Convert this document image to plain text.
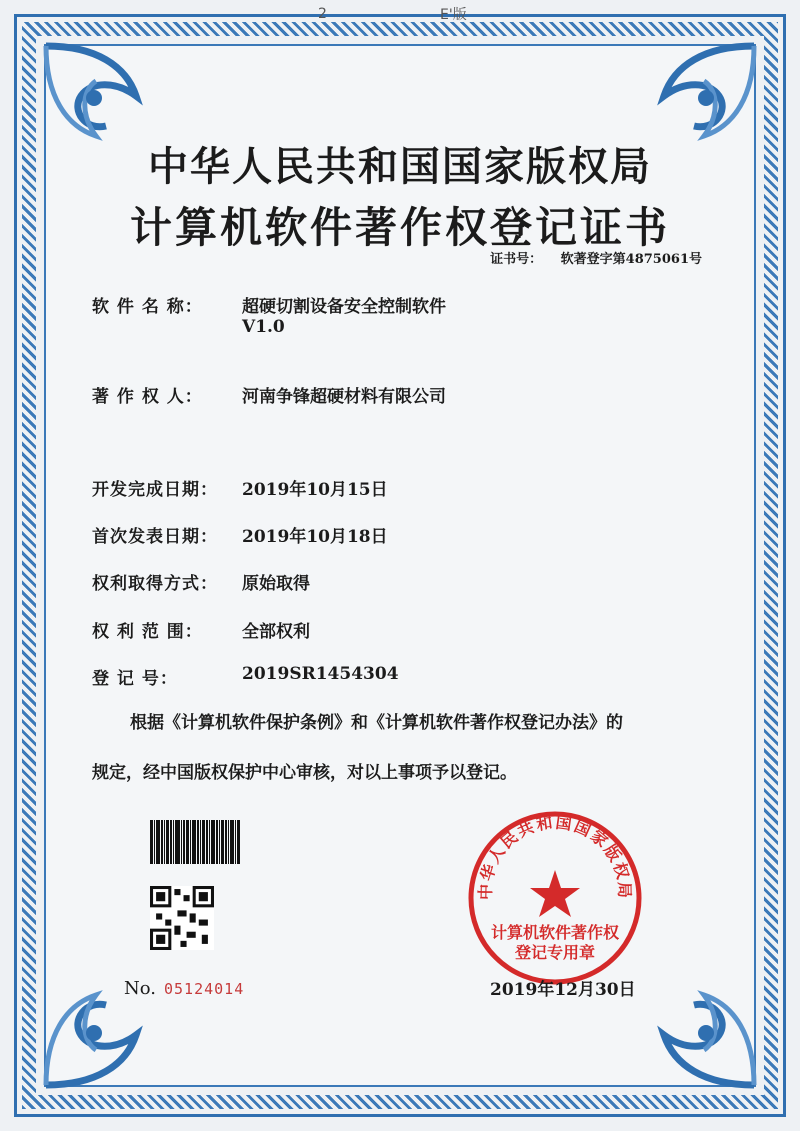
2	E'版
中华人民共和国国家版权局
计算机软件著作权登记证书
证书号： 软著登字第4875061号
软 件 名 称：	超硬切割设备安全控制软件
V1.0
著 作 权 人：	河南争锋超硬材料有限公司
开发完成日期：	2019年10月15日
首次发表日期：	2019年10月18日
权利取得方式：	原始取得
权 利 范 围：	全部权利
登 记 号：	2019SR1454304
根据《计算机软件保护条例》和《计算机软件著作权登记办法》的
规定，经中国版权保护中心审核，对以上事项予以登记。
No. 05124014
中华人民共和国国家版权局
计算机软件著作权
登记专用章
2019年12月30日
